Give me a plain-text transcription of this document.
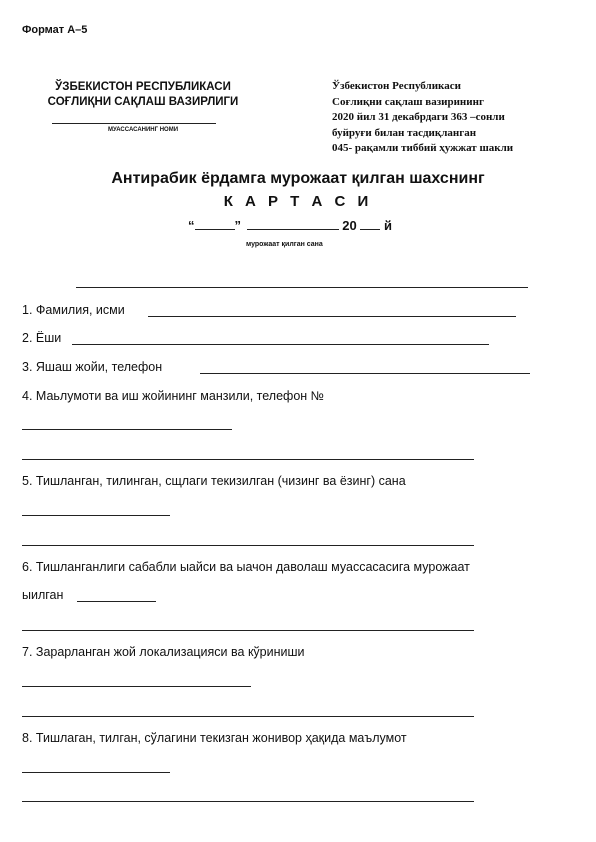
Формат А–5
ЎЗБЕКИСТОН РЕСПУБЛИКАСИ
СОҒЛИҚНИ САҚЛАШ ВАЗИРЛИГИ
МУАССАСАНИНГ НОМИ
Ўзбекистон Республикаси
Соғлиқни сақлаш вазирининг
2020 йил 31 декабрдаги 363 –сонли
буйруғи билан тасдиқланган
045- рақамли тиббий ҳужжат шакли
Антирабик ёрдамга мурожаат қилган шахснинг
К А Р Т А С И
“	”	20 й
мурожаат қилган сана
1. Фамилия, исми
2. Ёши
3. Яшаш жойи, телефон
4. Маьлумоти ва иш жойининг манзили, телефон №
5. Тишланган, тилинган, сщлаги текизилган (чизинг ва ёзинг) сана
6. Тишланганлиги сабабли ыайси ва ыачон даволаш муассасасига мурожаат
ыилган
7. Зарарланган жой локализацияси ва кўриниши
8. Тишлаган, тилган, сўлагини текизган жонивор ҳақида маълумот
